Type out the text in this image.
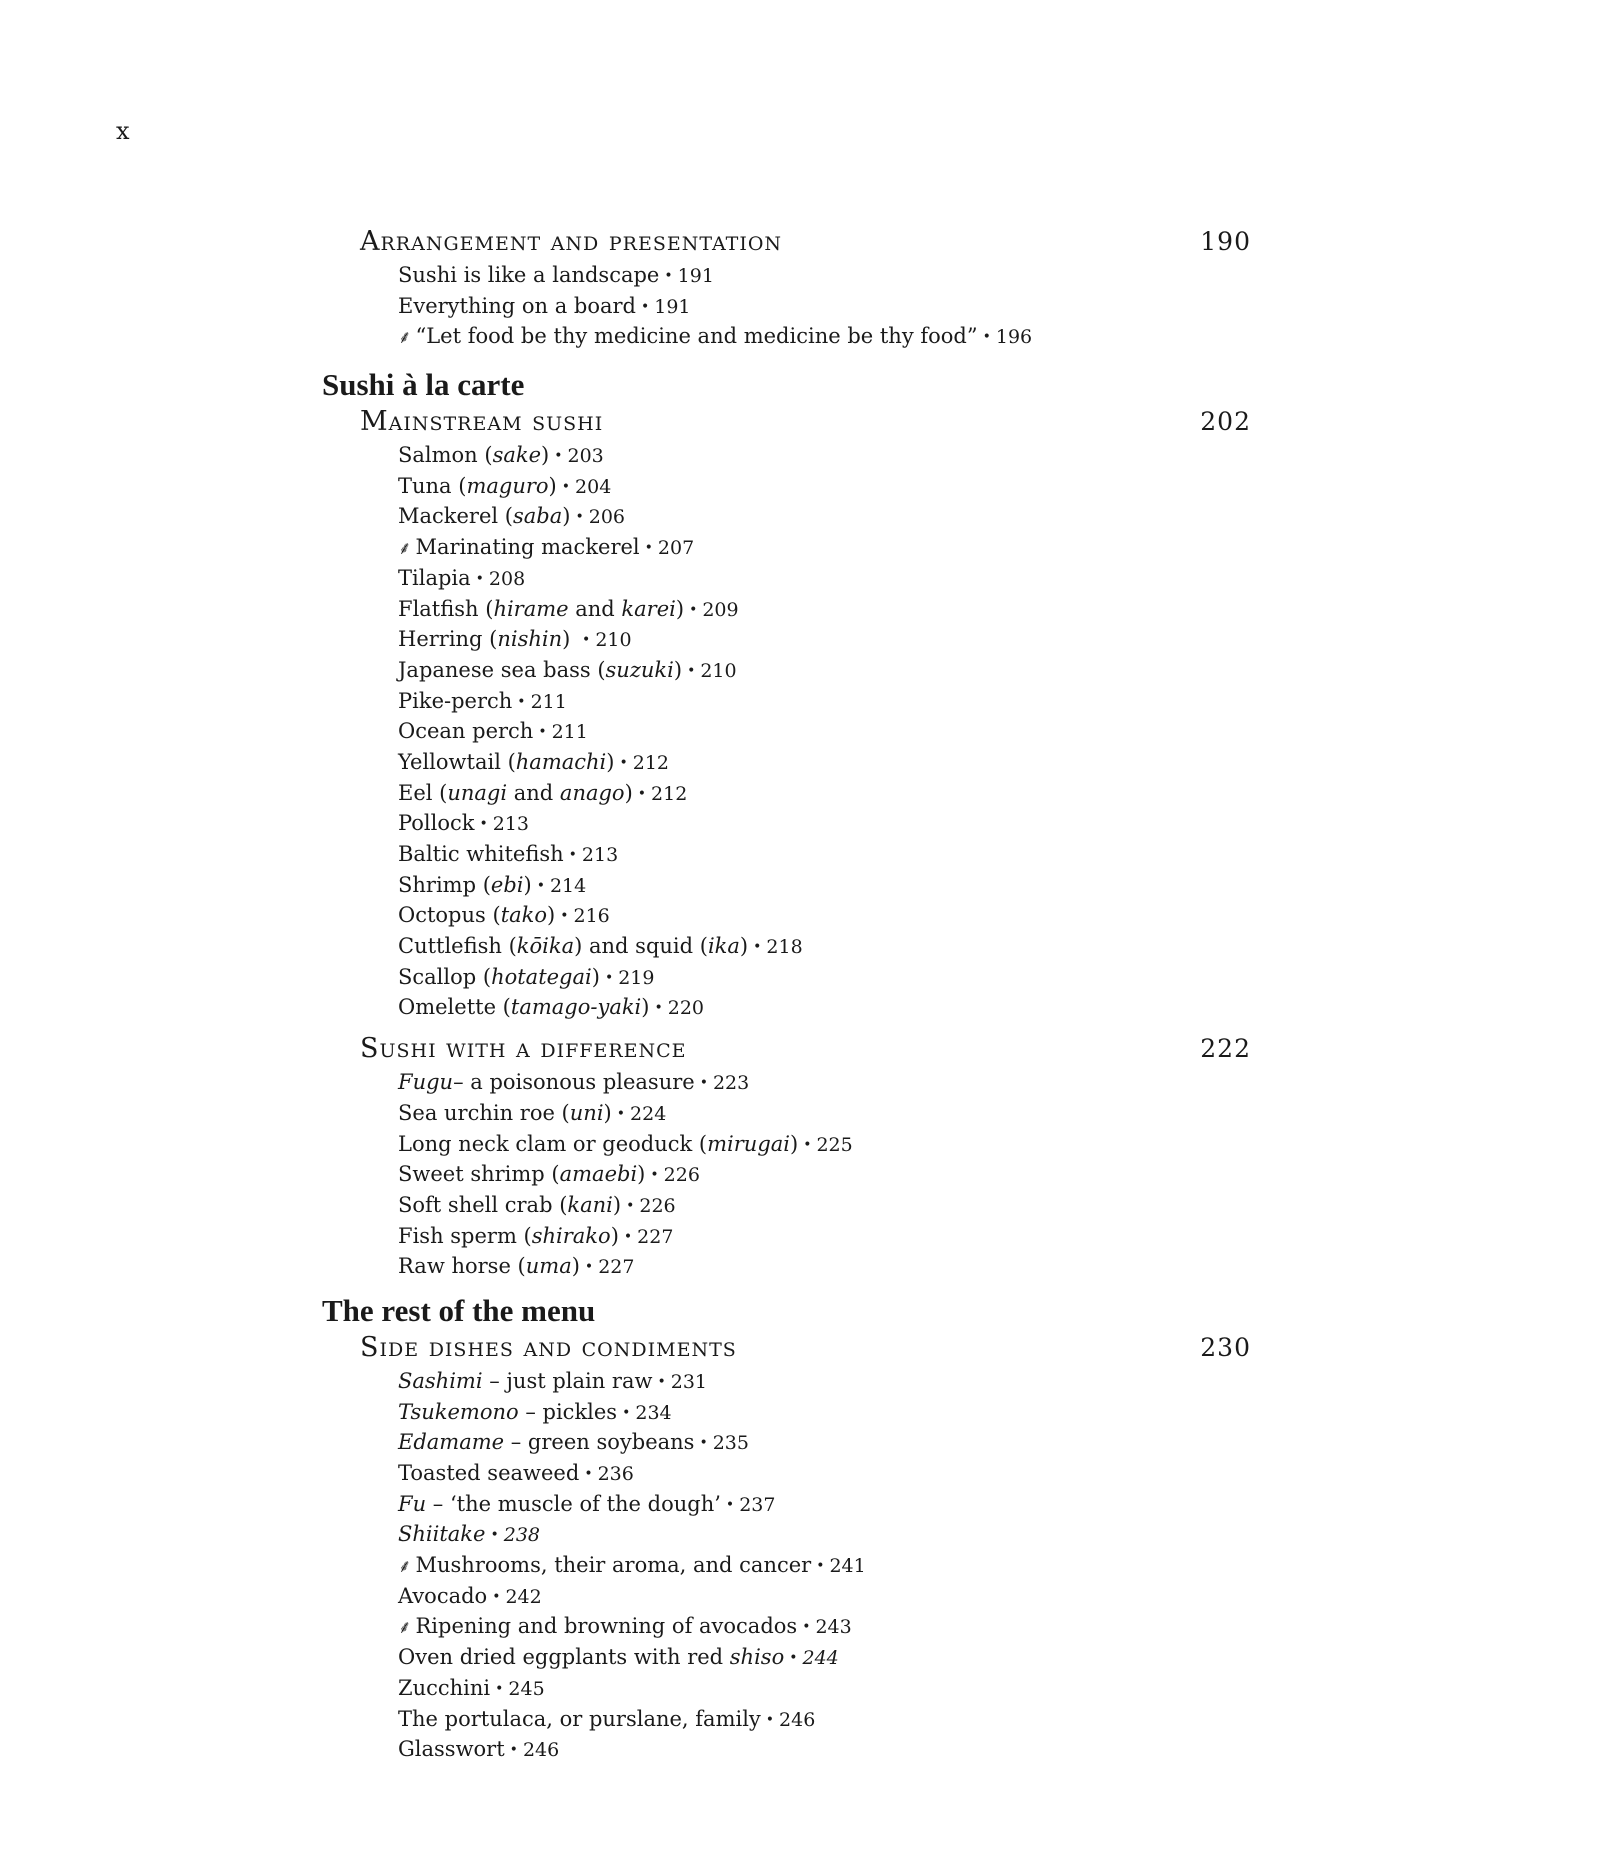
x
Arrangement and presentation	190
Sushi is like a landscape • 191
Everything on a board • 191
⸙ “Let food be thy medicine and medicine be thy food” • 196
Sushi à la carte
Mainstream sushi	202
Salmon (sake) • 203
Tuna (maguro) • 204
Mackerel (saba) • 206
⸙ Marinating mackerel • 207
Tilapia • 208
Flatfish (hirame and karei) • 209
Herring (nishin) • 210
Japanese sea bass (suzuki) • 210
Pike-perch • 211
Ocean perch • 211
Yellowtail (hamachi) • 212
Eel (unagi and anago) • 212
Pollock • 213
Baltic whitefish • 213
Shrimp (ebi) • 214
Octopus (tako) • 216
Cuttlefish (kōika) and squid (ika) • 218
Scallop (hotategai) • 219
Omelette (tamago-yaki) • 220
Sushi with a difference	222
Fugu– a poisonous pleasure • 223
Sea urchin roe (uni) • 224
Long neck clam or geoduck (mirugai) • 225
Sweet shrimp (amaebi) • 226
Soft shell crab (kani) • 226
Fish sperm (shirako) • 227
Raw horse (uma) • 227
The rest of the menu
Side dishes and condiments	230
Sashimi – just plain raw • 231
Tsukemono – pickles • 234
Edamame – green soybeans • 235
Toasted seaweed • 236
Fu – ‘the muscle of the dough’ • 237
Shiitake • 238
⸙ Mushrooms, their aroma, and cancer • 241
Avocado • 242
⸙ Ripening and browning of avocados • 243
Oven dried eggplants with red shiso • 244
Zucchini • 245
The portulaca, or purslane, family • 246
Glasswort • 246
